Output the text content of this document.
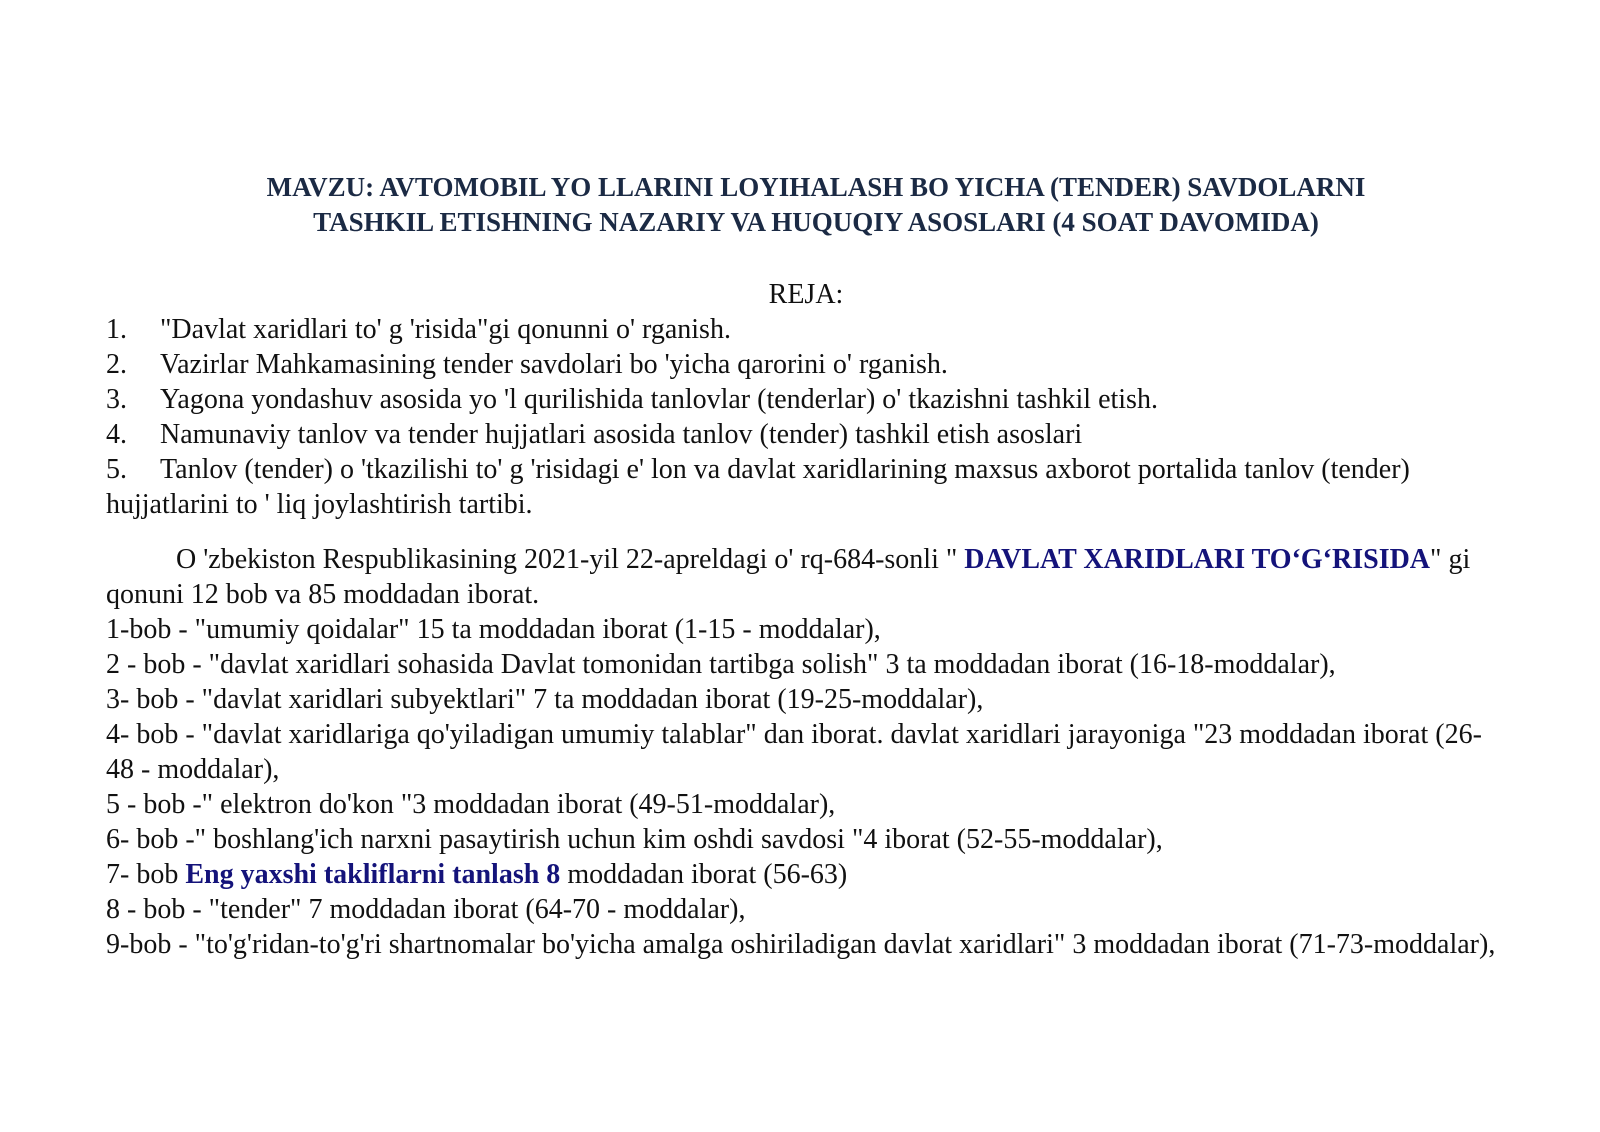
MAVZU: AVTOMOBIL YO LLARINI LOYIHALASH BO YICHA (TENDER) SAVDOLARNI
TASHKIL ETISHNING NAZARIY VA HUQUQIY ASOSLARI (4 SOAT DAVOMIDA)
REJA:
1. "Davlat xaridlari to' g 'risida"gi qonunni o' rganish.
2. Vazirlar Mahkamasining tender savdolari bo 'yicha qarorini o' rganish.
3. Yagona yondashuv asosida yo 'l qurilishida tanlovlar (tenderlar) o' tkazishni tashkil etish.
4. Namunaviy tanlov va tender hujjatlari asosida tanlov (tender) tashkil etish asoslari
5. Tanlov (tender) o 'tkazilishi to' g 'risidagi e' lon va davlat xaridlarining maxsus axborot portalida tanlov (tender) hujjatlarini to ' liq joylashtirish tartibi.
O 'zbekiston Respublikasining 2021-yil 22-apreldagi o' rq-684-sonli " DAVLAT XARIDLARI TO‘G‘RISIDA" gi qonuni 12 bob va 85 moddadan iborat.
1-bob - "umumiy qoidalar" 15 ta moddadan iborat (1-15 - moddalar),
2 - bob - "davlat xaridlari sohasida Davlat tomonidan tartibga solish" 3 ta moddadan iborat (16-18-moddalar),
3- bob - "davlat xaridlari subyektlari" 7 ta moddadan iborat (19-25-moddalar),
4- bob - "davlat xaridlariga qo'yiladigan umumiy talablar" dan iborat. davlat xaridlari jarayoniga "23 moddadan iborat (26-48 - moddalar),
5 - bob -" elektron do'kon "3 moddadan iborat (49-51-moddalar),
6- bob -" boshlang'ich narxni pasaytirish uchun kim oshdi savdosi "4 iborat (52-55-moddalar),
7- bob Eng yaxshi takliflarni tanlash 8 moddadan iborat (56-63)
8 - bob - "tender" 7 moddadan iborat (64-70 - moddalar),
9-bob - "to'g'ridan-to'g'ri shartnomalar bo'yicha amalga oshiriladigan davlat xaridlari" 3 moddadan iborat (71-73-moddalar),
